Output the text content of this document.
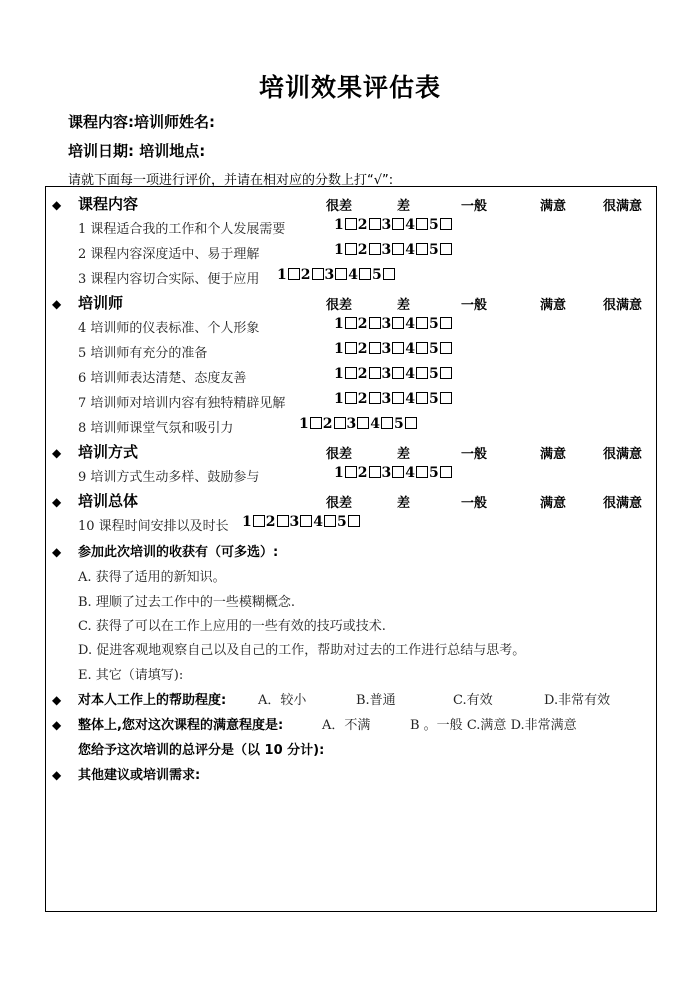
培训效果评估表
课程内容:培训师姓名:
培训日期: 培训地点:
请就下面每一项进行评价，并请在相对应的分数上打“√”:
◆ 课程内容	很差	差	一般	满意	很满意
1 课程适合我的工作和个人发展需要	1 2 3 4 5
2 课程内容深度适中、易于理解	1 2 3 4 5
3 课程内容切合实际、便于应用 1 2 3 4 5
◆ 培训师	很差	差	一般	满意	很满意
4 培训师的仪表标准、个人形象	1 2 3 4 5
5 培训师有充分的准备	1 2 3 4 5
6 培训师表达清楚、态度友善	1 2 3 4 5
7 培训师对培训内容有独特精辟见解	1 2 3 4 5
8 培训师课堂气氛和吸引力	1 2 3 4 5
◆ 培训方式	很差	差	一般	满意	很满意
9 培训方式生动多样、鼓励参与	1 2 3 4 5
◆ 培训总体	很差	差	一般	满意	很满意
10 课程时间安排以及时长 1 2 3 4 5
◆ 参加此次培训的收获有（可多选）:
A. 获得了适用的新知识。
B. 理顺了过去工作中的一些模糊概念.
C. 获得了可以在工作上应用的一些有效的技巧或技术.
D. 促进客观地观察自己以及自己的工作，帮助对过去的工作进行总结与思考。
E. 其它（请填写):
◆ 对本人工作上的帮助程度: A．较小	B.普通	C.有效	D.非常有效
◆ 整体上,您对这次课程的满意程度是:	A．不满	B 。一般 C.满意 D.非常满意
您给予这次培训的总评分是（以 10 分计):
◆ 其他建议或培训需求:
